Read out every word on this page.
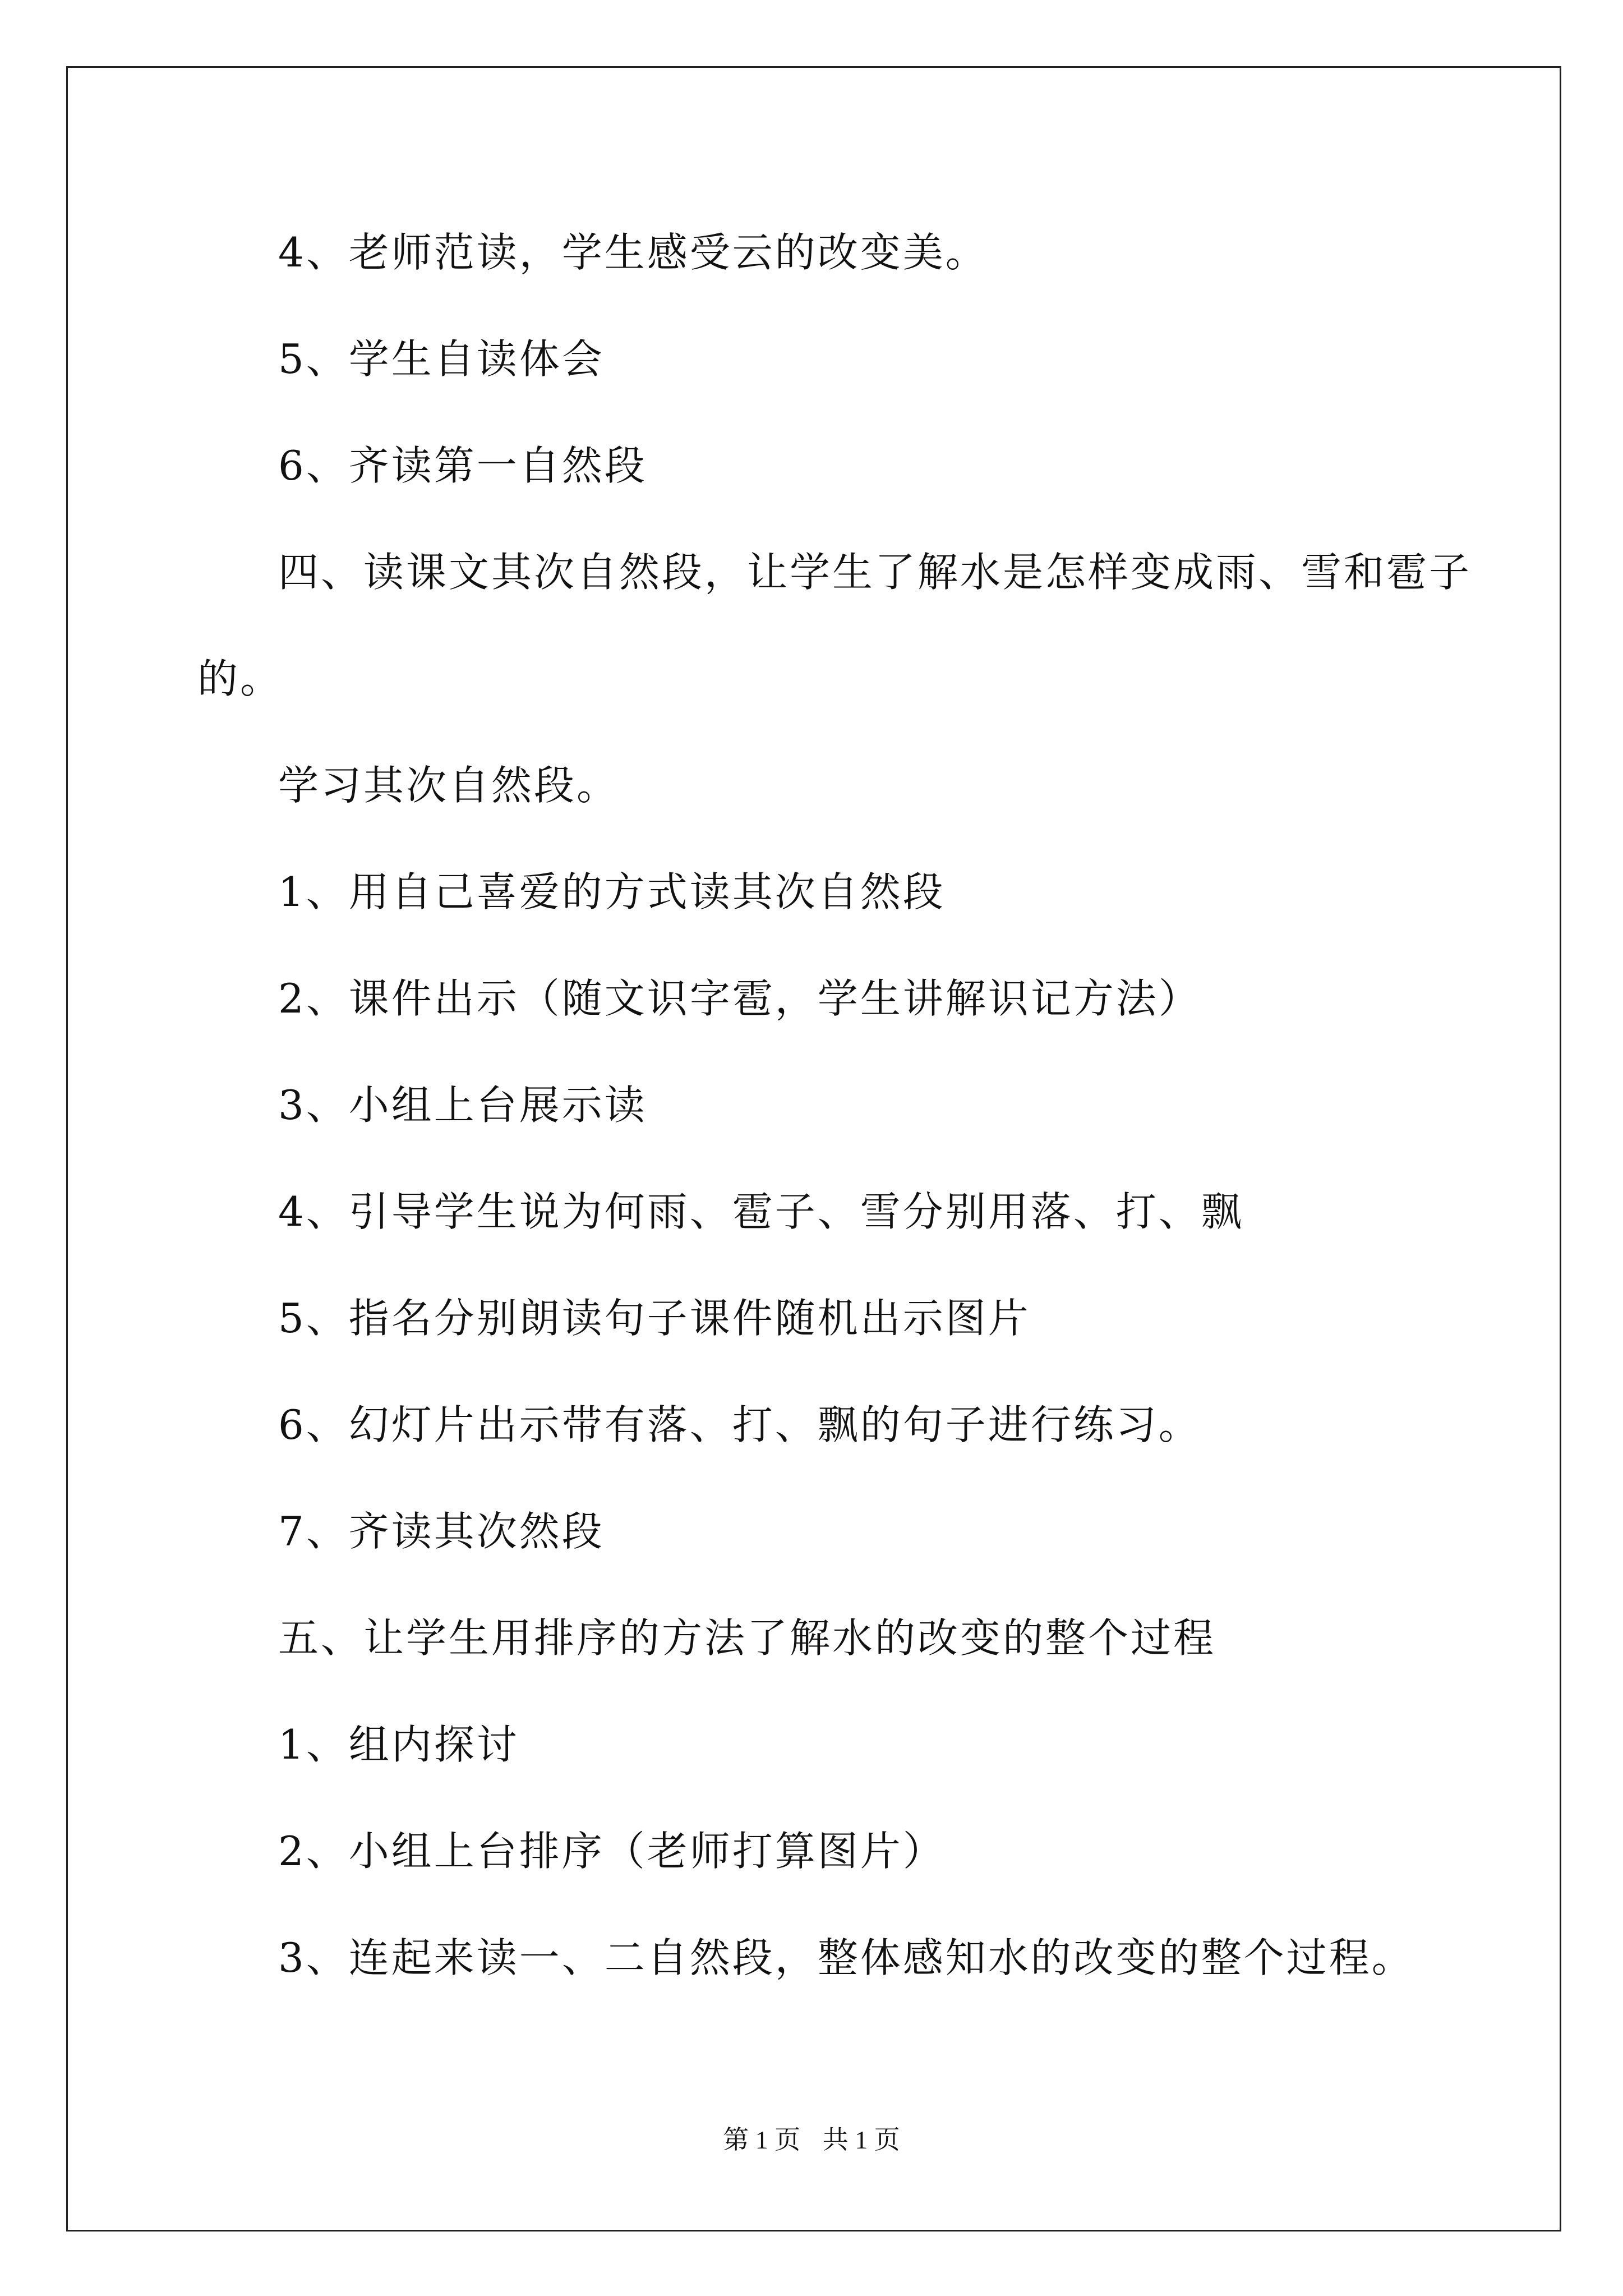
4、老师范读，学生感受云的改变美。
5、学生自读体会
6、齐读第一自然段
四、读课文其次自然段，让学生了解水是怎样变成雨、雪和雹子
的。
学习其次自然段。
1、用自己喜爱的方式读其次自然段
2、课件出示（随文识字雹，学生讲解识记方法）
3、小组上台展示读
4、引导学生说为何雨、雹子、雪分别用落、打、飘
5、指名分别朗读句子课件随机出示图片
6、幻灯片出示带有落、打、飘的句子进行练习。
7、齐读其次然段
五、让学生用排序的方法了解水的改变的整个过程
1、组内探讨
2、小组上台排序（老师打算图片）
3、连起来读一、二自然段，整体感知水的改变的整个过程。
第 1 页 共 1 页
